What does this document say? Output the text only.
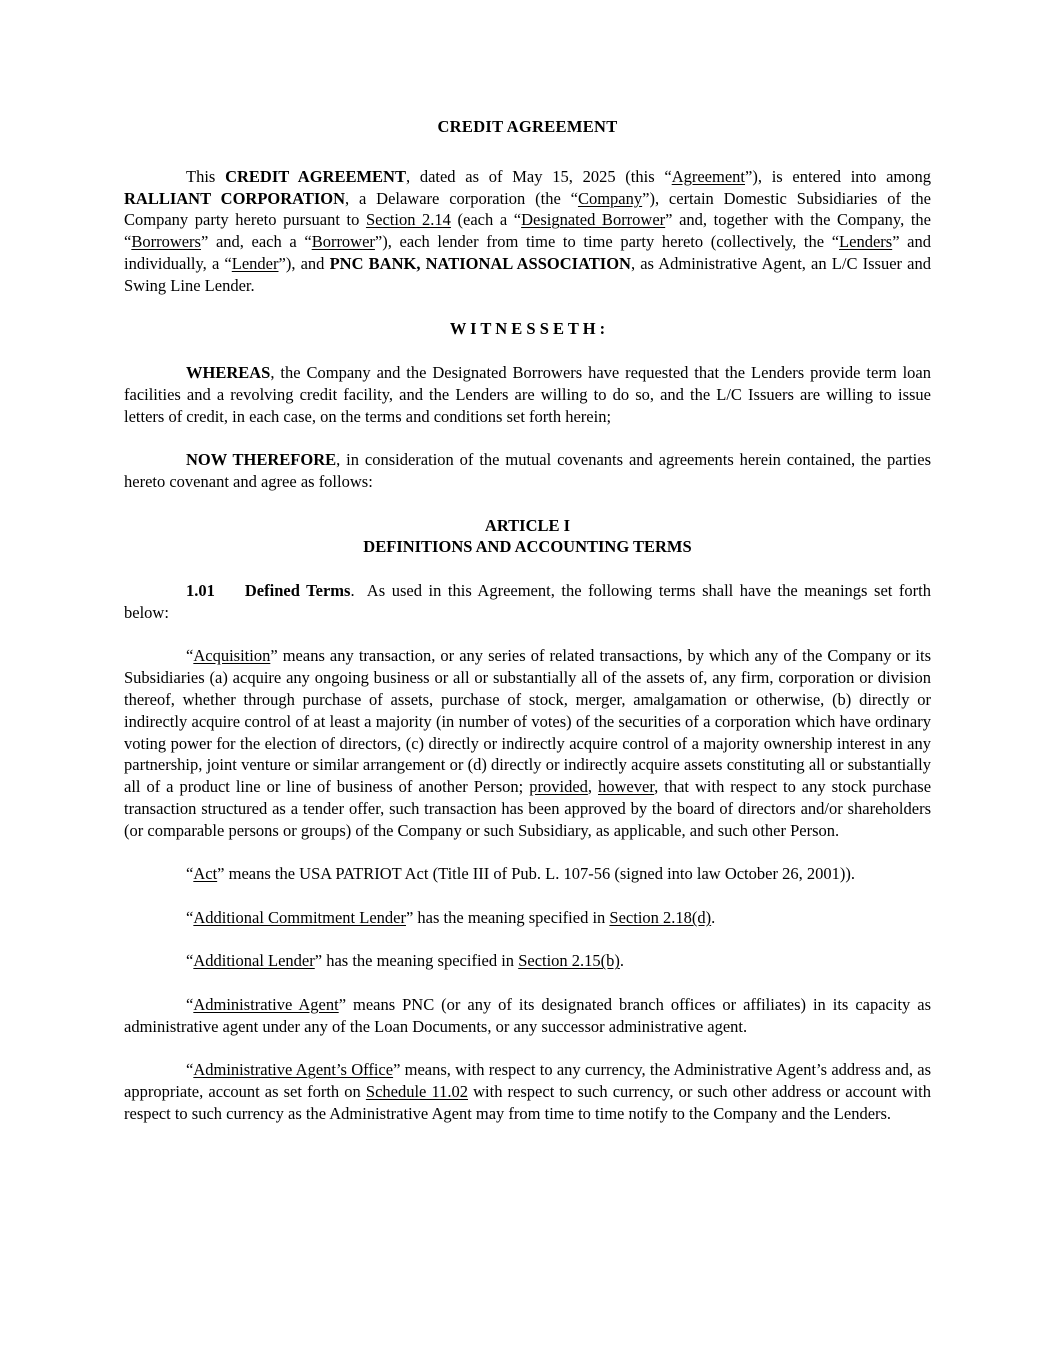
CREDIT AGREEMENT

This CREDIT AGREEMENT, dated as of May 15, 2025 (this “Agreement”), is entered into among RALLIANT CORPORATION, a Delaware corporation (the “Company”), certain Domestic Subsidiaries of the Company party hereto pursuant to Section 2.14 (each a “Designated Borrower” and, together with the Company, the “Borrowers” and, each a “Borrower”), each lender from time to time party hereto (collectively, the “Lenders” and individually, a “Lender”), and PNC BANK, NATIONAL ASSOCIATION, as Administrative Agent, an L/C Issuer and Swing Line Lender.

W I T N E S S E T H :

WHEREAS, the Company and the Designated Borrowers have requested that the Lenders provide term loan facilities and a revolving credit facility, and the Lenders are willing to do so, and the L/C Issuers are willing to issue letters of credit, in each case, on the terms and conditions set forth herein;

NOW THEREFORE, in consideration of the mutual covenants and agreements herein contained, the parties hereto covenant and agree as follows:

ARTICLE I

DEFINITIONS AND ACCOUNTING TERMS

1.01 Defined Terms.  As used in this Agreement, the following terms shall have the meanings set forth below:

“Acquisition” means any transaction, or any series of related transactions, by which any of the Company or its Subsidiaries (a) acquire any ongoing business or all or substantially all of the assets of, any firm, corporation or division thereof, whether through purchase of assets, purchase of stock, merger, amalgamation or otherwise, (b) directly or indirectly acquire control of at least a majority (in number of votes) of the securities of a corporation which have ordinary voting power for the election of directors, (c) directly or indirectly acquire control of a majority ownership interest in any partnership, joint venture or similar arrangement or (d) directly or indirectly acquire assets constituting all or substantially all of a product line or line of business of another Person; provided, however, that with respect to any stock purchase transaction structured as a tender offer, such transaction has been approved by the board of directors and/or shareholders (or comparable persons or groups) of the Company or such Subsidiary, as applicable, and such other Person.

“Act” means the USA PATRIOT Act (Title III of Pub. L. 107-56 (signed into law October 26, 2001)).

“Additional Commitment Lender” has the meaning specified in Section 2.18(d).

“Additional Lender” has the meaning specified in Section 2.15(b).

“Administrative Agent” means PNC (or any of its designated branch offices or affiliates) in its capacity as administrative agent under any of the Loan Documents, or any successor administrative agent.

“Administrative Agent’s Office” means, with respect to any currency, the Administrative Agent’s address and, as appropriate, account as set forth on Schedule 11.02 with respect to such currency, or such other address or account with respect to such currency as the Administrative Agent may from time to time notify to the Company and the Lenders.
